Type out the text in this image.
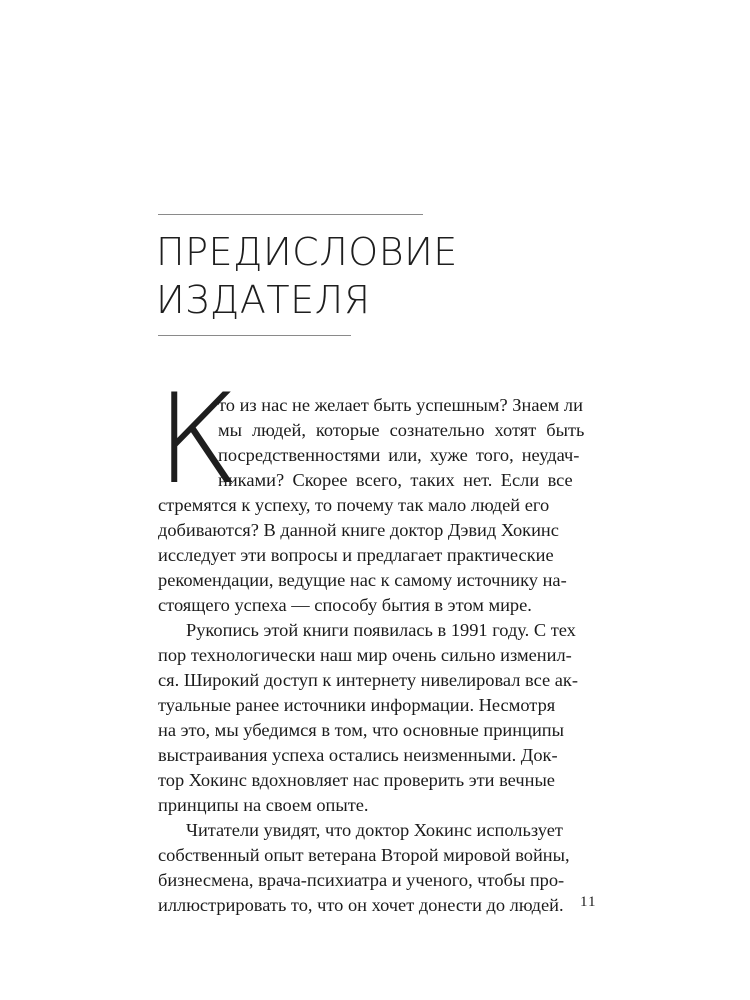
ПРЕДИСЛОВИЕ
ИЗДАТЕЛЯ
К
то из нас не желает быть успешным? Знаем ли
мы людей, которые сознательно хотят быть
посредственностями или, хуже того, неудач-
никами? Скорее всего, таких нет. Если все
стремятся к успеху, то почему так мало людей его
добиваются? В данной книге доктор Дэвид Хокинс
исследует эти вопросы и предлагает практические
рекомендации, ведущие нас к самому источнику на-
стоящего успеха — способу бытия в этом мире.
Рукопись этой книги появилась в 1991 году. С тех
пор технологически наш мир очень сильно изменил-
ся. Широкий доступ к интернету нивелировал все ак-
туальные ранее источники информации. Несмотря
на это, мы убедимся в том, что основные принципы
выстраивания успеха остались неизменными. Док-
тор Хокинс вдохновляет нас проверить эти вечные
принципы на своем опыте.
Читатели увидят, что доктор Хокинс использует
собственный опыт ветерана Второй мировой войны,
бизнесмена, врача-психиатра и ученого, чтобы про-
иллюстрировать то, что он хочет донести до людей. 11
